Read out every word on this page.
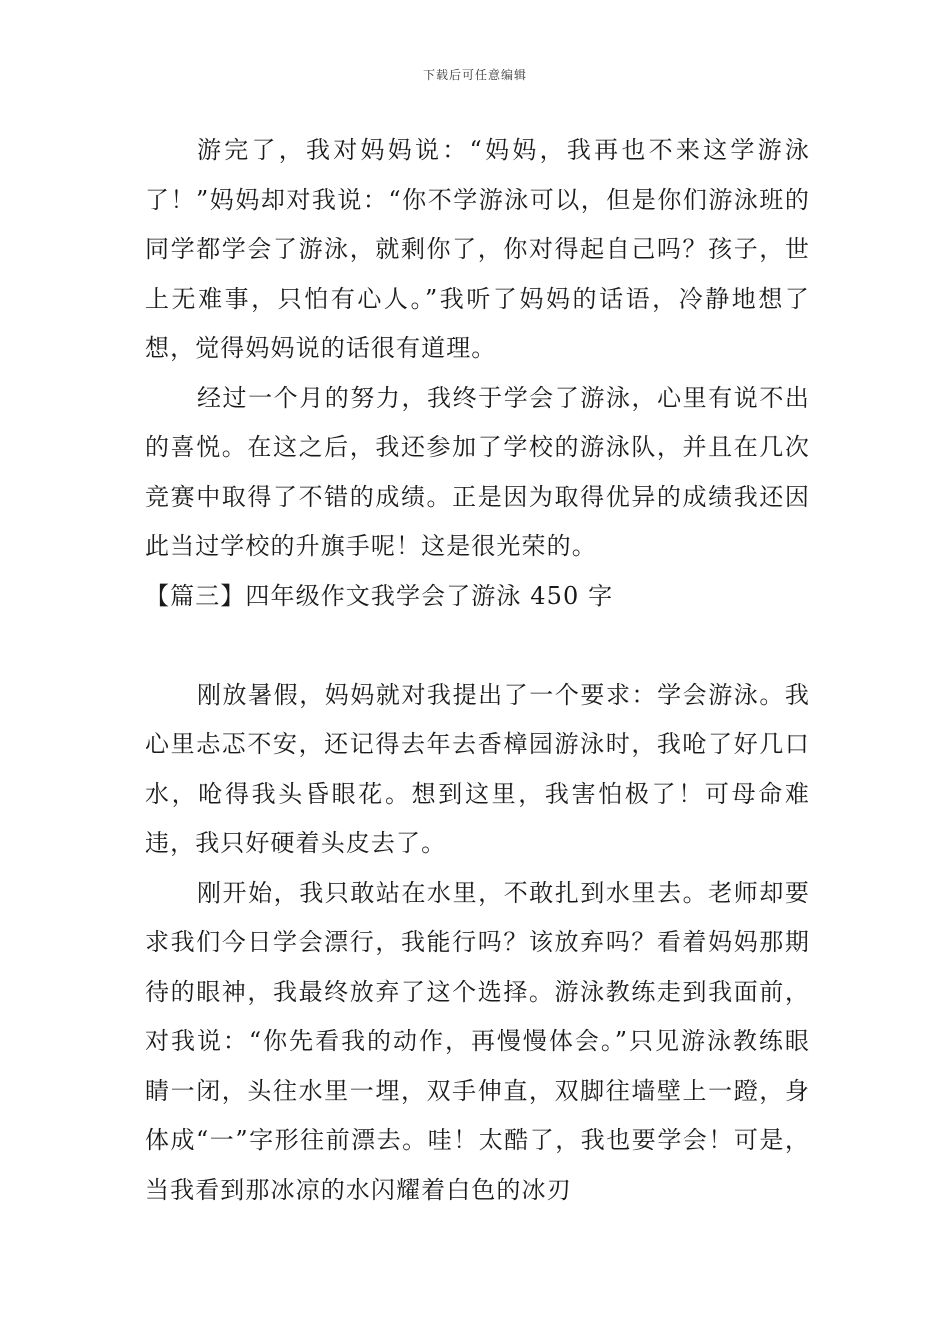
下载后可任意编辑

游完了，我对妈妈说：“妈妈，我再也不来这学游泳了！”妈妈却对我说：“你不学游泳可以，但是你们游泳班的同学都学会了游泳，就剩你了，你对得起自己吗？孩子，世上无难事，只怕有心人。”我听了妈妈的话语，冷静地想了想，觉得妈妈说的话很有道理。

经过一个月的努力，我终于学会了游泳，心里有说不出的喜悦。在这之后，我还参加了学校的游泳队，并且在几次竞赛中取得了不错的成绩。正是因为取得优异的成绩我还因此当过学校的升旗手呢！这是很光荣的。

【篇三】四年级作文我学会了游泳 450 字

刚放暑假，妈妈就对我提出了一个要求：学会游泳。我心里忐忑不安，还记得去年去香樟园游泳时，我呛了好几口水，呛得我头昏眼花。想到这里，我害怕极了！可母命难违，我只好硬着头皮去了。

刚开始，我只敢站在水里，不敢扎到水里去。老师却要求我们今日学会漂行，我能行吗？该放弃吗？看着妈妈那期待的眼神，我最终放弃了这个选择。游泳教练走到我面前，对我说：“你先看我的动作，再慢慢体会。”只见游泳教练眼睛一闭，头往水里一埋，双手伸直，双脚往墙壁上一蹬，身体成“一”字形往前漂去。哇！太酷了，我也要学会！可是，当我看到那冰凉的水闪耀着白色的冰刃
